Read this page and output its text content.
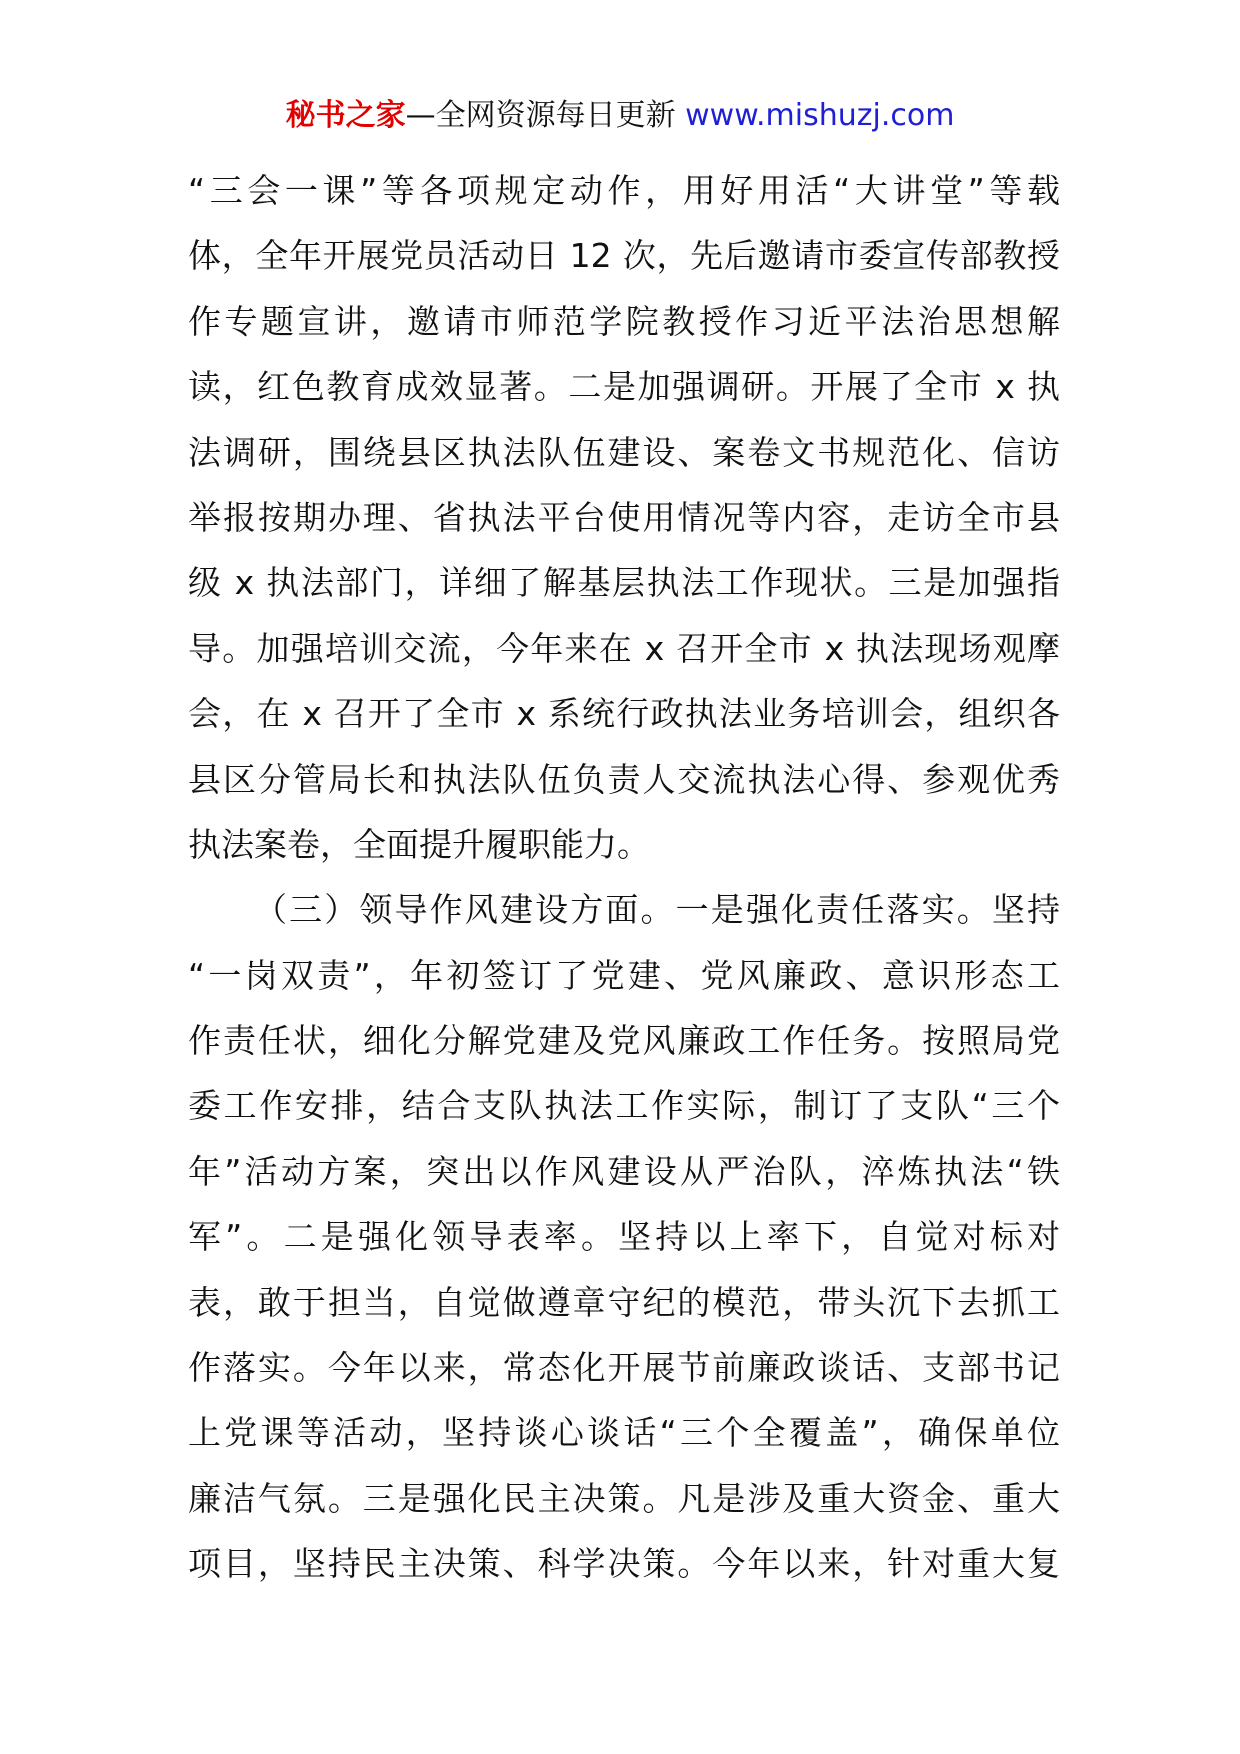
秘书之家—全网资源每日更新 www.mishuzj.com
“三会一课”等各项规定动作，用好用活“大讲堂”等载
体，全年开展党员活动日 12 次，先后邀请市委宣传部教授
作专题宣讲，邀请市师范学院教授作习近平法治思想解
读，红色教育成效显著。二是加强调研。开展了全市 x 执
法调研，围绕县区执法队伍建设、案卷文书规范化、信访
举报按期办理、省执法平台使用情况等内容，走访全市县
级 x 执法部门，详细了解基层执法工作现状。三是加强指
导。加强培训交流，今年来在 x 召开全市 x 执法现场观摩
会，在 x 召开了全市 x 系统行政执法业务培训会，组织各
县区分管局长和执法队伍负责人交流执法心得、参观优秀
执法案卷，全面提升履职能力。
（三）领导作风建设方面。一是强化责任落实。坚持
“一岗双责”，年初签订了党建、党风廉政、意识形态工
作责任状，细化分解党建及党风廉政工作任务。按照局党
委工作安排，结合支队执法工作实际，制订了支队“三个
年”活动方案，突出以作风建设从严治队，淬炼执法“铁
军”。二是强化领导表率。坚持以上率下，自觉对标对
表，敢于担当，自觉做遵章守纪的模范，带头沉下去抓工
作落实。今年以来，常态化开展节前廉政谈话、支部书记
上党课等活动，坚持谈心谈话“三个全覆盖”，确保单位
廉洁气氛。三是强化民主决策。凡是涉及重大资金、重大
项目，坚持民主决策、科学决策。今年以来，针对重大复
